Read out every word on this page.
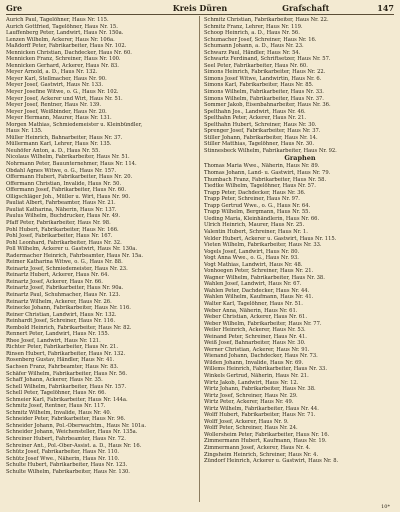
Gre	Kreis Düren	Grafschaft	147
Aurich Paul, Tagelöhner, Haus Nr. 115.
Aurich Gottfried, Tagelöhner, Haus Nr. 15.
Lauffenberg Peter, Landwirt, Haus Nr. 150a.
Lenzen Wilhelm, Ackerer, Haus Nr. 106a.
Maßdorff Peter, Fabrikarbeiter, Haus Nr. 102.
Mennicken Christian, Dachdecker, Haus Nr. 60.
Mennicken Franz, Schreiner, Haus Nr. 100.
Mennicken Gerhard, Ackerer, Haus Nr. 83.
Meyer Arnold, a. D., Haus Nr. 132.
Meyer Karl, Stellmacher, Haus Nr. 90.
Meyer Josef, Gastwirt, Haus Nr. 133.
Meyer Josefine Witwe, o. G., Haus Nr. 102.
Meyer Josef, Ackerer und Wirt, Haus Nr. 51.
Meyer Josef, Rentner, Haus Nr. 139.
Meyer Josef, Weißbinder, Haus Nr. 20.
Meyer Hermann, Maurer, Haus Nr. 131.
Morgen Mathias, Schmiedemeister u. Kleinbündler,
Haus Nr. 135.
Müller Heinrich, Bahnarbeiter, Haus Nr. 37.
Müllermann Karl, Lehrer, Haus Nr. 135.
Neuhöfer Anton, a. D., Haus Nr. 55.
Nicolaus Wilhelm, Fabrikarbeiter, Haus Nr. 51.
Nohrmann Peter, Bauunternehmer, Haus Nr. 114.
Obdahl Agnes Witwe, o. G., Haus Nr. 157.
Offermann Hubert, Fabrikarbeiter, Haus Nr. 20.
Offermann Christian, Invalide, Haus Nr. 50.
Offermann Josef, Fabrikarbeiter, Haus Nr. 60.
Olligschläger Joh., Müller u. Wirt, Haus Nr. 90.
Pauliat Albert, Fahrbeamter, Haus Nr. 21.
Pauliat Katharina, Näherin, Haus Nr. 137.
Paulus Wilhelm, Buchdrucker, Haus Nr. 49.
Pfaff Peter, Fabrikarbeiter, Haus Nr. 98.
Pohl Hubert, Fabrikarbeiter, Haus Nr. 166.
Pohl Josef, Fabrikarbeiter, Haus Nr. 167.
Pohl Leonhard, Fabrikarbeiter, Haus Nr. 32.
Poll Wilhelm, Ackerer u. Gastwirt, Haus Nr. 130a.
Radermacher Heinrich, Fahrbeamter, Haus Nr. 15a.
Reimer Katharina Witwe, o. G., Haus Nr. 88.
Reinartz Josef, Schmiedemeister, Haus Nr. 23.
Reinartz Hubert, Ackerer, Haus Nr. 64.
Reinartz Josef, Ackerer, Haus Nr. 66.
Reinartz Josef, Fabrikarbeiter, Haus Nr. 90a.
Reinartz Paul, Schuhmacher, Haus Nr. 123.
Reinartz Wilhelm, Ackerer, Haus Nr. 26.
Reinecke Johann, Fabrikarbeiter, Haus Nr. 116.
Reiner Christian, Landwirt, Haus Nr. 132.
Reinhardt Josef, Schreiner, Haus Nr. 116.
Rembold Heinrich, Fabrikarbeiter, Haus Nr. 82.
Rennert Peter, Landwirt, Haus Nr. 155.
Rhee Josef, Landwirt, Haus Nr. 121.
Richter Peter, Fabrikarbeiter, Haus Nr. 21.
Rinsen Hubert, Fabrikarbeiter, Haus Nr. 132.
Rosenberg Gustav, Händler, Haus Nr. 41.
Sachsen Franz, Fahrbeamter, Haus Nr. 83.
Schäfer Wilhelm, Fabrikarbeiter, Haus Nr. 56.
Schaff Johann, Ackerer, Haus Nr. 35.
Schell Wilhelm, Fabrikarbeiter, Haus Nr. 157.
Schell Peter, Tagelöhner, Haus Nr. 66.
Schmeier Karl, Fabrikarbeiter, Haus Nr. 144a.
Schmitz Josef, Rentner, Haus Nr. 117.
Schmitz Wilhelm, Invalide, Haus Nr. 40.
Schneider Peter, Fabrikarbeiter, Haus Nr. 96.
Schneider Johann, Pol.-Oberwachtm., Haus Nr. 101a.
Schneider Johann, Weichensteller, Haus Nr. 135a.
Schreiner Hubert, Fahrbeamter, Haus Nr. 72.
Schreiner Ant., Pol.-Ober-Assist. a. D., Haus Nr. 16.
Schütz Josef, Fabrikarbeiter, Haus Nr. 110.
Schütz Josef Wwe., Näherin, Haus Nr. 110.
Schulte Hubert, Fabrikarbeiter, Haus Nr. 123.
Schulte Wilhelm, Fabrikarbeiter, Haus Nr. 130.
Schmitz Christian, Fabrikarbeiter, Haus Nr. 22.
Schmitz Franz, Lehrer, Haus Nr. 119.
Schoop Heinrich, a. D., Haus Nr. 56.
Schumacher Josef, Schreiner, Haus Nr. 16.
Schumann Johann, a. D., Haus Nr. 23.
Schwarz Paul, Händler, Haus Nr. 54.
Schwartz Ferdinand, Schriftsetzer, Haus Nr. 57.
Seel Peter, Fabrikarbeiter, Haus Nr. 60.
Simons Heinrich, Fabrikarbeiter, Haus Nr. 22.
Simons Josef Witwe, Landwirtin, Haus Nr. 6.
Simons Karl, Fabrikarbeiter, Haus Nr. 85.
Simons Wilhelm, Fabrikarbeiter, Haus Nr. 33.
Simons Wilhelm, Fabrikarbeiter, Haus Nr. 37.
Sommer Jakob, Eisenbahnarbeiter, Haus Nr. 36.
Spelthahn Jos., Landwirt, Haus Nr. 46.
Spelthahn Peter, Ackerer, Haus Nr. 21.
Spelthahn Hubert, Schreiner, Haus Nr. 30.
Sprenger Josef, Fabrikarbeiter, Haus Nr. 37.
Stiller Johann, Fabrikarbeiter, Haus Nr. 14.
Stiller Matthias, Tagelöhner, Haus Nr. 30.
Stinnesbeck Wilhelm, Fabrikarbeiter, Haus Nr. 92.
Graphen
Thomas Maria Wwe., Näherin, Haus Nr. 89.
Thomas Johann, Land- u. Gastwirt, Haus Nr. 79.
Thumbach Franz, Fabrikarbeiter, Haus Nr. 58.
Tiedtke Wilhelm, Tagelöhner, Haus Nr. 57.
Trapp Peter, Dachdecker, Haus Nr. 36.
Trapp Peter, Schreiner, Haus Nr. 97.
Trapp Gertrud Wwe., o. G., Haus Nr. 64.
Trapp Wilhelm, Bergmann, Haus Nr. 55.
Ueding Maria, Kleinhändlerin, Haus Nr. 66.
Ulrich Heinrich, Maurer, Haus Nr. 25.
Valentin Hubert, Schreiner, Haus Nr. 1.
Velder Hubert, Ackerer u. Gastwirt, Haus Nr. 115.
Vieten Wilhelm, Fabrikarbeiter, Haus Nr. 33.
Vogels Josef, Landwirt, Haus Nr. 80.
Vogt Anna Wwe., o. G., Haus Nr. 93.
Vogt Mathias, Landwirt, Haus Nr. 48.
Vonhoegen Peter, Schreiner, Haus Nr. 21.
Wagner Wilhelm, Fabrikarbeiter, Haus Nr. 38.
Wahlen Josef, Landwirt, Haus Nr. 67.
Wahlen Peter, Dachdecker, Haus Nr. 44.
Wahlen Wilhelm, Kaufmann, Haus Nr. 41.
Walter Karl, Tagelöhner, Haus Nr. 51.
Weber Anna, Näherin, Haus Nr. 61.
Weber Christian, Ackerer, Haus Nr. 61.
Weber Wilhelm, Fabrikarbeiter, Haus Nr. 77.
Weiler Heinrich, Ackerer, Haus Nr. 53.
Weinand Peter, Schreiner, Haus Nr. 41.
Weiß Josef, Bahnarbeiter, Haus Nr. 30.
Werner Christian, Ackerer, Haus Nr. 91.
Wienand Johann, Dachdecker, Haus Nr. 73.
Wilden Johann, Invalide, Haus Nr. 69.
Willems Heinrich, Fabrikarbeiter, Haus Nr. 33.
Winkels Gertrud, Näherin, Haus Nr. 21.
Wirtz Jakob, Landwirt, Haus Nr. 12.
Wirtz Johann, Fabrikarbeiter, Haus Nr. 38.
Wirtz Josef, Schreiner, Haus Nr. 29.
Wirtz Peter, Ackerer, Haus Nr. 49.
Wirtz Wilhelm, Fabrikarbeiter, Haus Nr. 44.
Wolff Hubert, Fabrikarbeiter, Haus Nr. 71.
Wolff Josef, Ackerer, Haus Nr. 9.
Wolff Peter, Schreiner, Haus Nr. 24.
Wollersheim Peter, Fabrikarbeiter, Haus Nr. 16.
Zimmermann Hubert, Kaufmann, Haus Nr. 19.
Zimmermann Josef, Ackerer, Haus Nr. 4.
Zingsheim Heinrich, Schreiner, Haus Nr. 4.
Zündorf Heinrich, Ackerer u. Gastwirt, Haus Nr. 8.
10*
